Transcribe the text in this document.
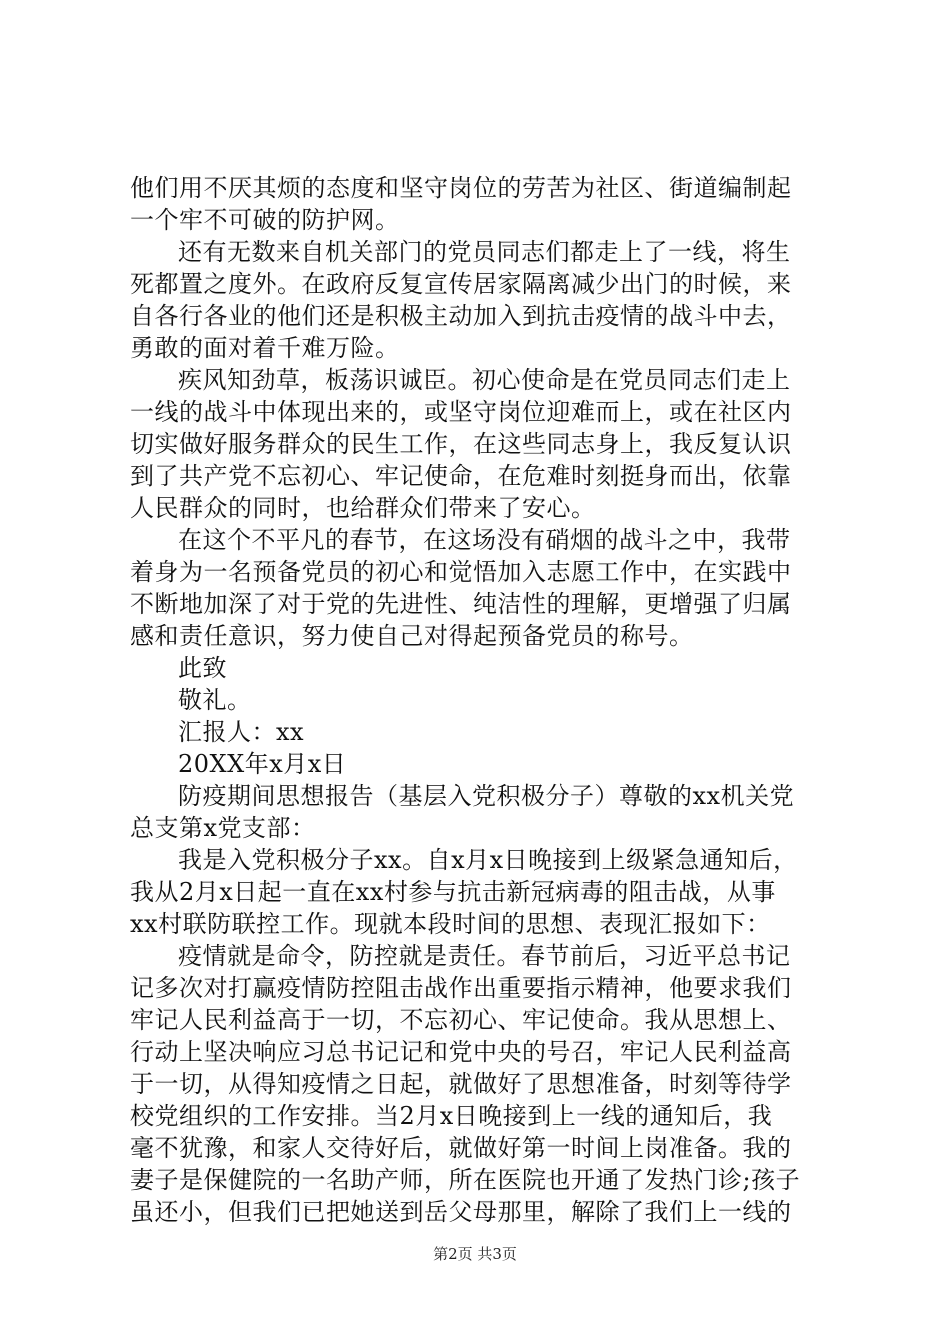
他们用不厌其烦的态度和坚守岗位的劳苦为社区、街道编制起
一个牢不可破的防护网。
还有无数来自机关部门的党员同志们都走上了一线，将生
死都置之度外。在政府反复宣传居家隔离减少出门的时候，来
自各行各业的他们还是积极主动加入到抗击疫情的战斗中去，
勇敢的面对着千难万险。
疾风知劲草，板荡识诚臣。初心使命是在党员同志们走上
一线的战斗中体现出来的，或坚守岗位迎难而上，或在社区内
切实做好服务群众的民生工作，在这些同志身上，我反复认识
到了共产党不忘初心、牢记使命，在危难时刻挺身而出，依靠
人民群众的同时，也给群众们带来了安心。
在这个不平凡的春节，在这场没有硝烟的战斗之中，我带
着身为一名预备党员的初心和觉悟加入志愿工作中，在实践中
不断地加深了对于党的先进性、纯洁性的理解，更增强了归属
感和责任意识，努力使自己对得起预备党员的称号。
此致
敬礼。
汇报人：xx
20XX年x月x日
防疫期间思想报告（基层入党积极分子）尊敬的xx机关党
总支第x党支部：
我是入党积极分子xx。自x月x日晚接到上级紧急通知后，
我从2月x日起一直在xx村参与抗击新冠病毒的阻击战，从事
xx村联防联控工作。现就本段时间的思想、表现汇报如下：
疫情就是命令，防控就是责任。春节前后，习近平总书记
记多次对打赢疫情防控阻击战作出重要指示精神，他要求我们
牢记人民利益高于一切，不忘初心、牢记使命。我从思想上、
行动上坚决响应习总书记记和党中央的号召，牢记人民利益高
于一切，从得知疫情之日起，就做好了思想准备，时刻等待学
校党组织的工作安排。当2月x日晚接到上一线的通知后，我
毫不犹豫，和家人交待好后，就做好第一时间上岗准备。我的
妻子是保健院的一名助产师，所在医院也开通了发热门诊;孩子
虽还小，但我们已把她送到岳父母那里，解除了我们上一线的
第2页 共3页
